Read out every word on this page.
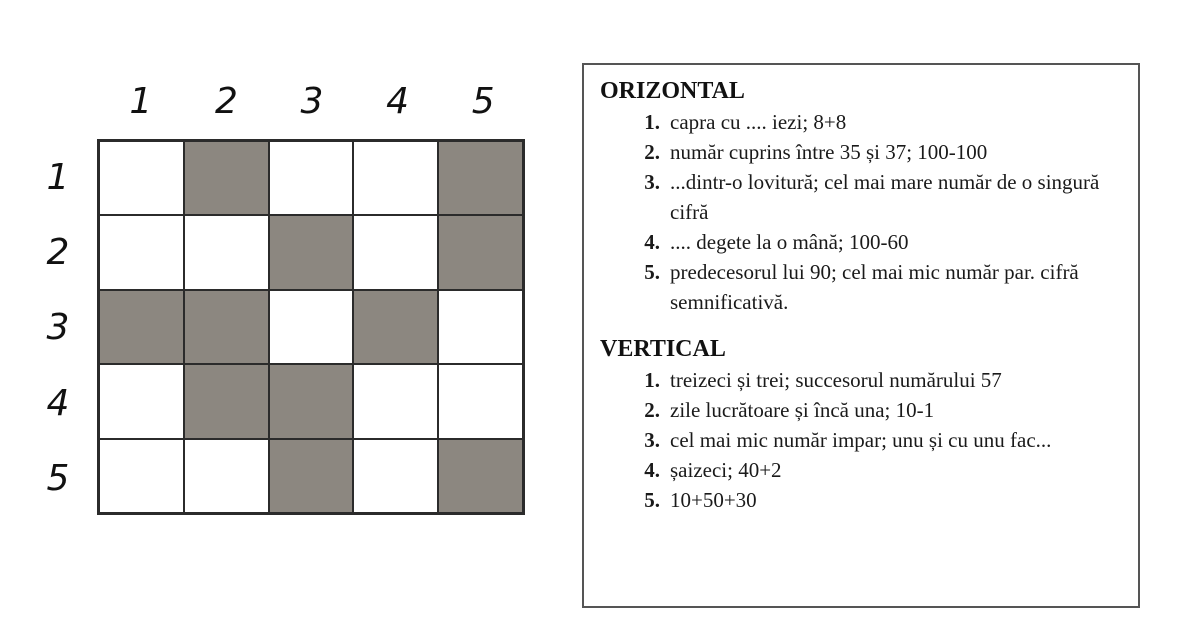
1	2	3	4	5
1
2
3
4
5

ORIZONTAL

1. capra cu .... iezi; 8+8
2. număr cuprins între 35 și 37; 100-100
3. ...dintr-o lovitură; cel mai mare număr de o singură cifră
4. .... degete la o mână; 100-60
5. predecesorul lui 90; cel mai mic număr par. cifră semnificativă.

VERTICAL

1. treizeci și trei; succesorul numărului 57
2. zile lucrătoare și încă una; 10-1
3. cel mai mic număr impar; unu și cu unu fac...
4. șaizeci; 40+2
5. 10+50+30
